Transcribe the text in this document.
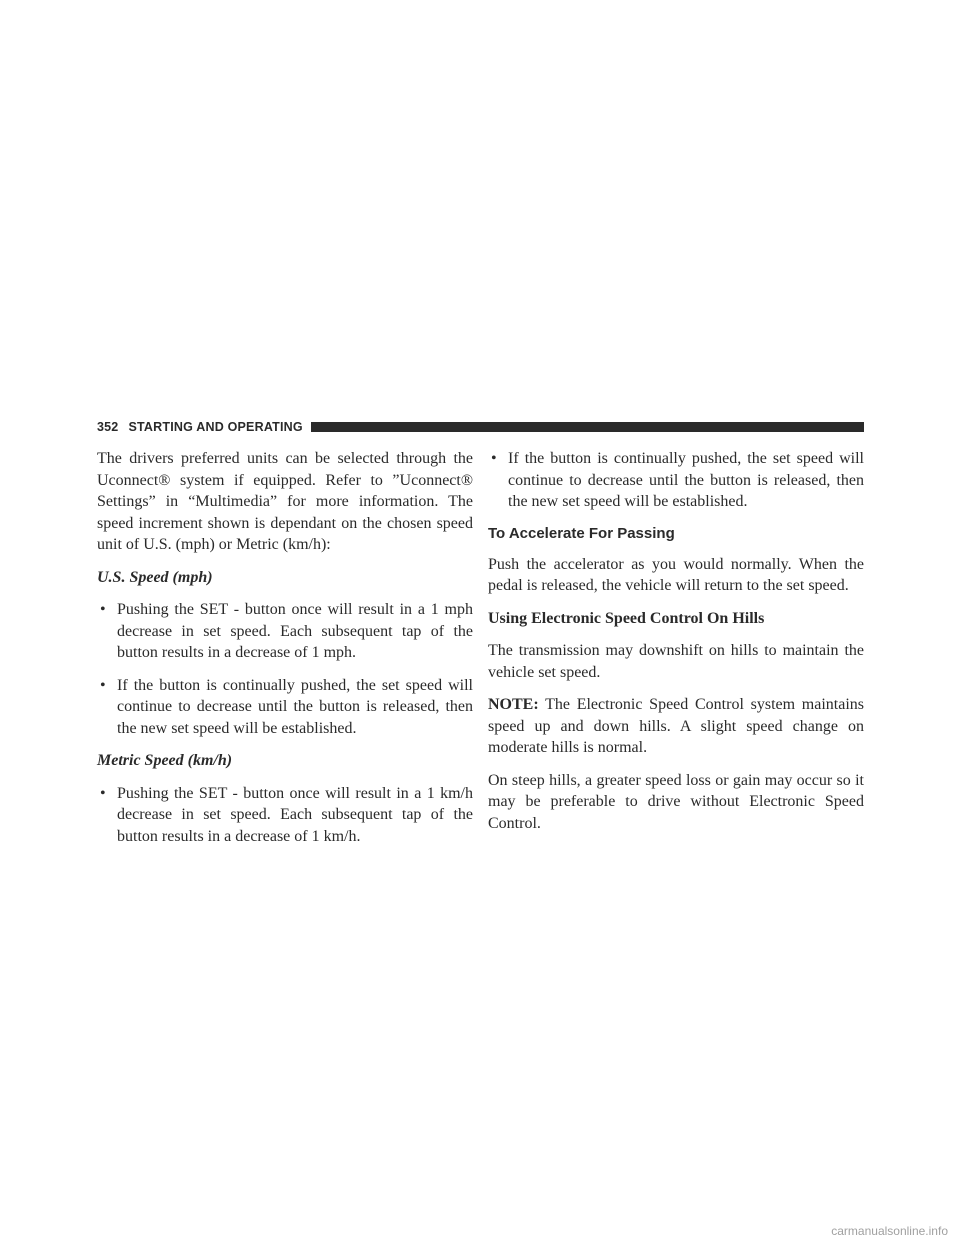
352 STARTING AND OPERATING

The drivers preferred units can be selected through the Uconnect® system if equipped. Refer to ”Uconnect® Settings” in “Multimedia” for more information. The speed increment shown is dependant on the chosen speed unit of U.S. (mph) or Metric (km/h):

U.S. Speed (mph)
• Pushing the SET - button once will result in a 1 mph decrease in set speed. Each subsequent tap of the button results in a decrease of 1 mph.
• If the button is continually pushed, the set speed will continue to decrease until the button is released, then the new set speed will be established.
Metric Speed (km/h)
• Pushing the SET - button once will result in a 1 km/h decrease in set speed. Each subsequent tap of the button results in a decrease of 1 km/h.
• If the button is continually pushed, the set speed will continue to decrease until the button is released, then the new set speed will be established.
To Accelerate For Passing

Push the accelerator as you would normally. When the pedal is released, the vehicle will return to the set speed.

Using Electronic Speed Control On Hills

The transmission may downshift on hills to maintain the vehicle set speed.

NOTE: The Electronic Speed Control system maintains speed up and down hills. A slight speed change on moderate hills is normal.

On steep hills, a greater speed loss or gain may occur so it may be preferable to drive without Electronic Speed Control.

carmanualsonline.info
